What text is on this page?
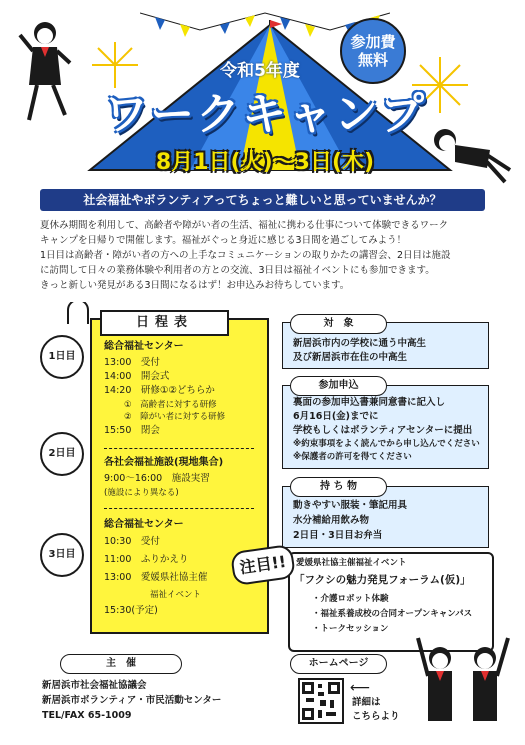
参加費
無料
令和5年度
ワークキャンプ
8月1日(火)〜3日(木)
社会福祉やボランティアってちょっと難しいと思っていませんか？

夏休み期間を利用して、高齢者や障がい者の生活、福祉に携わる仕事について体験できるワーク

キャンプを日帰りで開催します。福祉がぐっと身近に感じる3日間を過ごしてみよう！

1日目は高齢者・障がい者の方への上手なコミュニケーションの取りかたの講習会、2日目は施設

に訪問して日々の業務体験や利用者の方との交流、3日目は福祉イベントにも参加できます。

きっと新しい発見がある3日間になるはず！お申込みお待ちしています。

日程表
1日目
総合福祉センター
13:00　受付
14:00　開会式
14:20　研修①②どちらか
①　高齢者に対する研修
②　障がい者に対する研修
15:50　閉会
2日目
各社会福祉施設(現地集合)
9:00〜16:00　施設実習
(施設により異なる)
3日目
総合福祉センター
10:30　受付
11:00　ふりかえり
13:00　愛媛県社協主催
福祉イベント
15:30(予定)
対　象
新居浜市内の学校に通う中高生
及び新居浜市在住の中高生
参加申込
裏面の参加申込書兼同意書に記入し
6月16日(金)までに
学校もしくはボランティアセンターに提出
※約束事項をよく読んでから申し込んでください
※保護者の許可を得てください
持 ち 物
動きやすい服装・筆記用具
水分補給用飲み物
2日目・3日目お弁当
注目!!	愛媛県社協主催福祉イベント
「フクシの魅力発見フォーラム(仮)」
・介護ロボット体験
・福祉系養成校の合同オープンキャンパス
・トークセッション
主　催
新居浜市社会福祉協議会
新居浜市ボランティア・市民活動センター
TEL/FAX 65-1009
ホームページ
⟵
詳細は
こちらより
